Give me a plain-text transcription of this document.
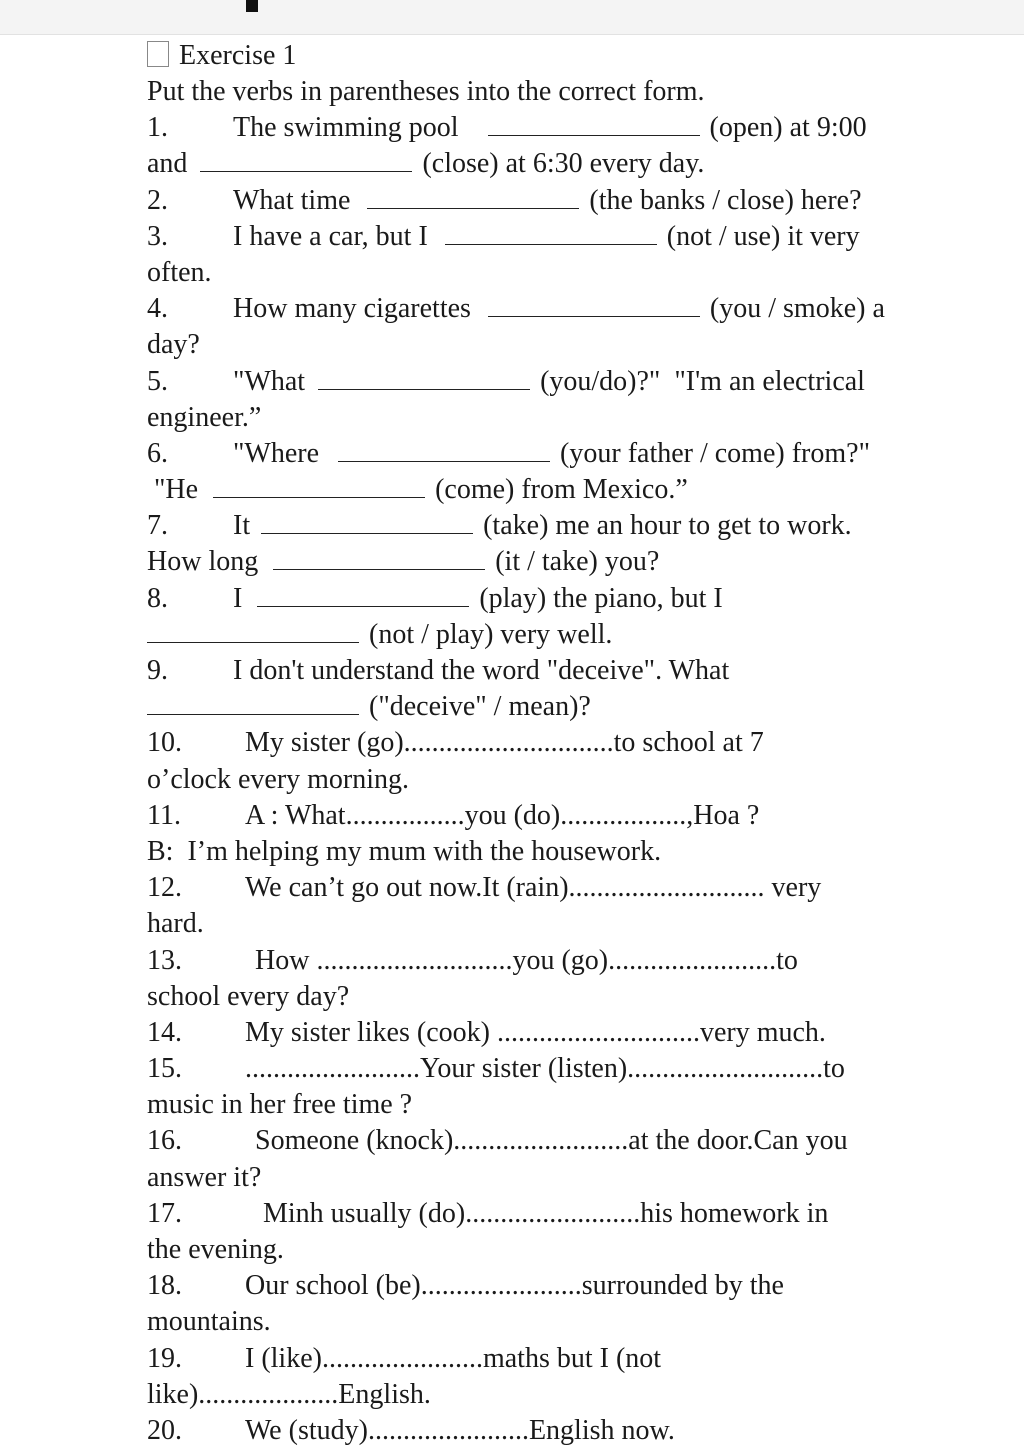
Exercise 1
Put the verbs in parentheses into the correct form.
1. The swimming pool	(open) at 9:00
and	(close) at 6:30 every day.
2. What time	(the banks / close) here?
3. I have a car, but I	(not / use) it very
often.
4. How many cigarettes	(you / smoke) a
day?
5. "What	(you/do)?"  "I'm an electrical
engineer.”
6. "Where	(your father / come) from?"
"He	(come) from Mexico.”
7. It	(take) me an hour to get to work.
How long	(it / take) you?
8. I	(play) the piano, but I
(not / play) very well.
9. I don't understand the word "deceive". What
("deceive" / mean)?
10. My sister (go)..............................to school at 7
o’clock every morning.
11. A : What.................you (do)..................,Hoa ?
B:  I’m helping my mum with the housework.
12. We can’t go out now.It (rain)............................ very
hard.
13.	How ............................you (go)........................to
school every day?
14. My sister likes (cook) .............................very much.
15. .........................Your sister (listen)............................to
music in her free time ?
16.	Someone (knock).........................at the door.Can you
answer it?
17.	Minh usually (do).........................his homework in
the evening.
18. Our school (be).......................surrounded by the
mountains.
19. I (like).......................maths but I (not
like)....................English.
20. We (study).......................English now.
